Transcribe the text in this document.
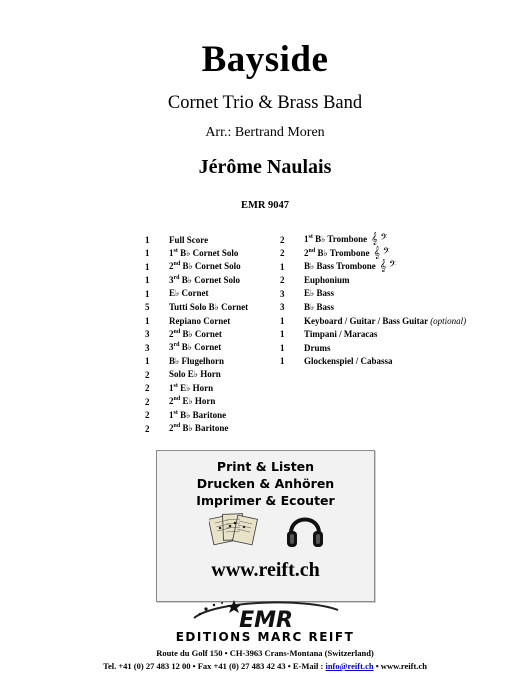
Bayside
Cornet Trio & Brass Band
Arr.: Bertrand Moren
Jérôme Naulais
EMR 9047
1	Full Score
1	1st B♭ Cornet Solo
1	2nd B♭ Cornet Solo
1	3rd B♭ Cornet Solo
1	E♭ Cornet
5	Tutti Solo B♭ Cornet
1	Repiano Cornet
3	2nd B♭ Cornet
3	3rd B♭ Cornet
1	B♭ Flugelhorn
2	Solo E♭ Horn
2	1st E♭ Horn
2	2nd E♭ Horn
2	1st B♭ Baritone
2	2nd B♭ Baritone
2	1st B♭ Trombone 𝄞 𝄢
2	2nd B♭ Trombone 𝄞 𝄢
1	B♭ Bass Trombone 𝄞 𝄢
2	Euphonium
3	E♭ Bass
3	B♭ Bass
1	Keyboard / Guitar / Bass Guitar (optional)
1	Timpani / Maracas
1	Drums
1	Glockenspiel / Cabassa
Print & Listen
Drucken & Anhören
Imprimer & Ecouter
www.reift.ch
EMR
EDITIONS MARC REIFT
Route du Golf 150 • CH-3963 Crans-Montana (Switzerland)
Tel. +41 (0) 27 483 12 00 • Fax +41 (0) 27 483 42 43 • E-Mail : info@reift.ch • www.reift.ch
